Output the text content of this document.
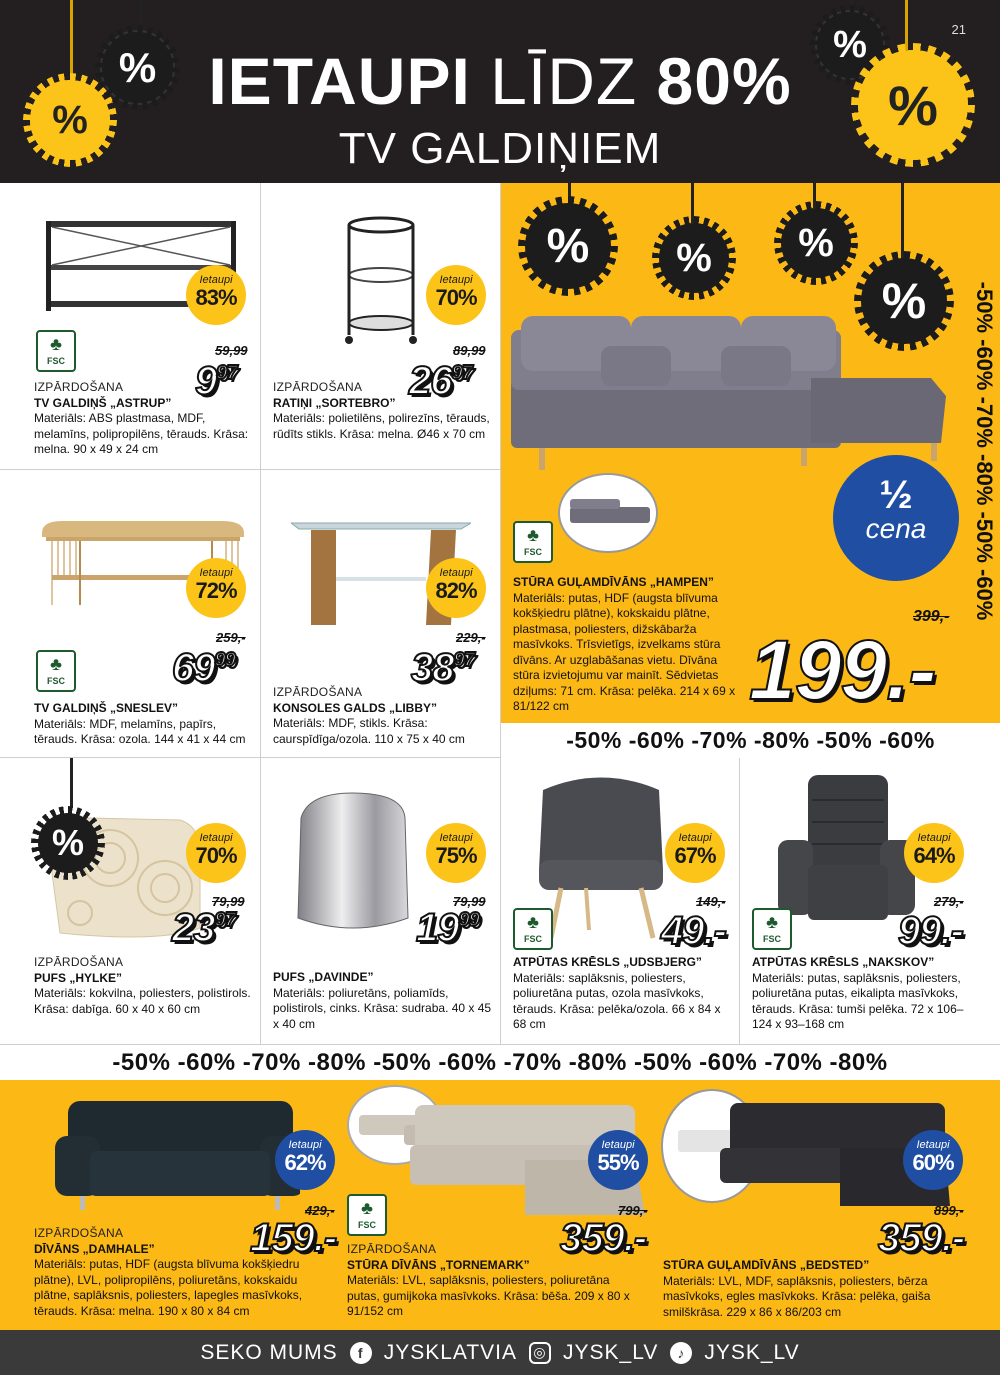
%
% IETAUPI LĪDZ 80%
TV GALDIŅIEM
%
%
21
Ietaupi
83%
♣
FSC
59,99
$9^{97}$
IZPĀRDOŠANA
TV GALDIŅŠ „ASTRUP”
Materiāls: ABS plastmasa, MDF, melamīns, polipropilēns, tērauds. Krāsa: melna. 90 x 49 x 24 cm
Ietaupi
70%
89,99
$26^{97}$
IZPĀRDOŠANA
RATIŅI „SORTEBRO”
Materiāls: polietilēns, polirezīns, tērauds, rūdīts stikls. Krāsa: melna. Ø46 x 70 cm
Ietaupi
72%
♣
FSC
259,-
$69^{99}$
TV GALDIŅŠ „SNESLEV”
Materiāls: MDF, melamīns, papīrs, tērauds. Krāsa: ozola. 144 x 41 x 44 cm
Ietaupi
82%
229,-
$38^{97}$
IZPĀRDOŠANA
KONSOLES GALDS „LIBBY”
Materiāls: MDF, stikls. Krāsa: caurspīdīga/ozola. 110 x 75 x 40 cm
% % %
%
♣
FSC
STŪRA GUĻAMDĪVĀNS „HAMPEN”
Materiāls: putas, HDF (augsta blīvuma kokšķiedru plātne), kokskaidu plātne, plastmasa, poliesters, dižskābarža masīvkoks. Trīsvietīgs, izvelkams stūra dīvāns. Ar uzglabāšanas vietu. Dīvāna stūra izvietojumu var mainīt. Sēdvietas dziļums: 71 cm. Krāsa: pelēka. 214 x 69 x 81/122 cm
399,-
199.-
½
cena	-50% -60% -70% -80% -50% -60%
-50% -60% -70% -80% -50% -60%
%	Ietaupi
70%
79,99
$23^{97}$
IZPĀRDOŠANA
PUFS „HYLKE”
Materiāls: kokvilna, poliesters, polistirols. Krāsa: dabīga. 60 x 40 x 60 cm
Ietaupi
75%
79,99
$19^{99}$
PUFS „DAVINDE”
Materiāls: poliuretāns, poliamīds, polistirols, cinks. Krāsa: sudraba. 40 x 45 x 40 cm
Ietaupi
67%
♣
FSC
149,-
49.-
ATPŪTAS KRĒSLS „UDSBJERG”
Materiāls: saplāksnis, poliesters, poliuretāna putas, ozola masīvkoks, tērauds. Krāsa: pelēka/ozola. 66 x 84 x 68 cm
Ietaupi
64%
♣
FSC
279,-
99.-
ATPŪTAS KRĒSLS „NAKSKOV”
Materiāls: putas, saplāksnis, poliesters, poliuretāna putas, eikalipta masīvkoks, tērauds. Krāsa: tumši pelēka. 72 x 106–124 x 93–168 cm
-50% -60% -70% -80% -50% -60% -70% -80% -50% -60% -70% -80%
Ietaupi
62%
429,-
159.-
IZPĀRDOŠANA
DĪVĀNS „DAMHALE”
Materiāls: putas, HDF (augsta blīvuma kokšķiedru plātne), LVL, polipropilēns, poliuretāns, kokskaidu plātne, saplāksnis, poliesters, lapegles masīvkoks, tērauds. Krāsa: melna. 190 x 80 x 84 cm
Ietaupi
55%
♣
FSC
799,-
359.-
IZPĀRDOŠANA
STŪRA DĪVĀNS „TORNEMARK”
Materiāls: LVL, saplāksnis, poliesters, poliuretāna putas, gumijkoka masīvkoks. Krāsa: bēša. 209 x 80 x 91/152 cm
Ietaupi
60%
899,-
359.-
STŪRA GUĻAMDĪVĀNS „BEDSTED”
Materiāls: LVL, MDF, saplāksnis, poliesters, bērza masīvkoks, egles masīvkoks. Krāsa: pelēka, gaiša smilškrāsa. 229 x 86 x 86/203 cm
SEKO MUMS	f JYSKLATVIA	◎ JYSK_LV	♪ JYSK_LV
